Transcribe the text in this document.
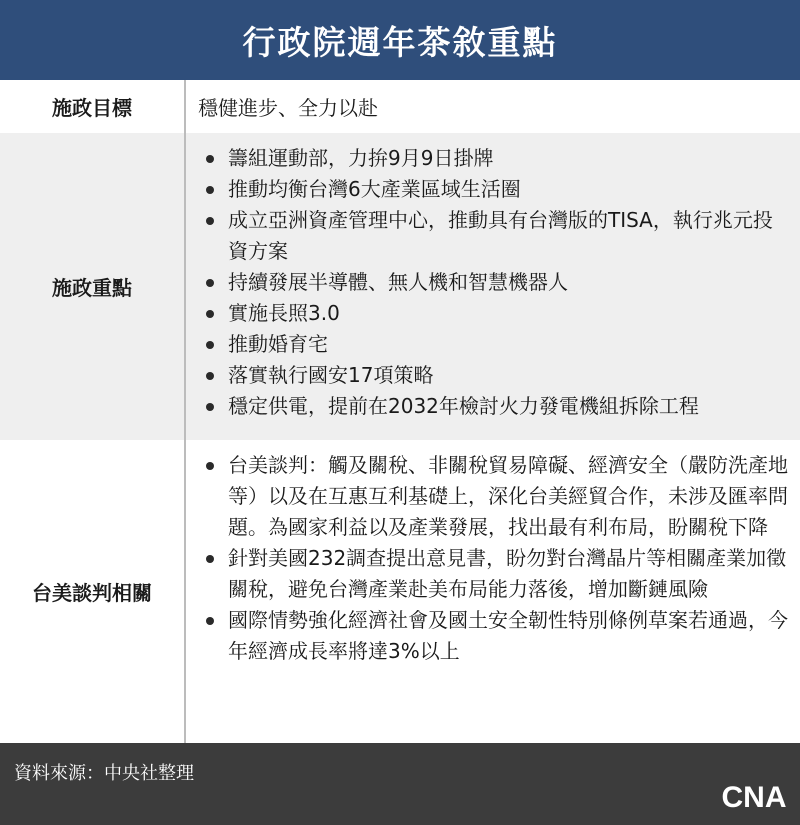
行政院週年茶敘重點
施政目標	穩健進步、全力以赴
施政重點
籌組運動部，力拚9月9日掛牌
推動均衡台灣6大產業區域生活圈
成立亞洲資產管理中心，推動具有台灣版的TISA，執行兆元投資方案
持續發展半導體、無人機和智慧機器人
實施長照3.0
推動婚育宅
落實執行國安17項策略
穩定供電，提前在2032年檢討火力發電機組拆除工程
台美談判相關
台美談判：觸及關稅、非關稅貿易障礙、經濟安全（嚴防洗產地等）以及在互惠互利基礎上，深化台美經貿合作，未涉及匯率問題。為國家利益以及產業發展，找出最有利布局，盼關稅下降
針對美國232調查提出意見書，盼勿對台灣晶片等相關產業加徵關稅，避免台灣產業赴美布局能力落後，增加斷鏈風險
國際情勢強化經濟社會及國土安全韌性特別條例草案若通過，今年經濟成長率將達3%以上
資料來源：中央社整理
CNA
